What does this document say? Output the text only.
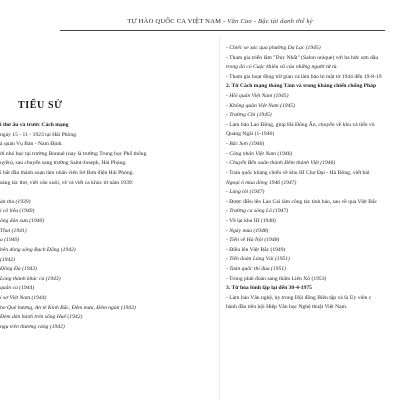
TỰ HÀO QUỐC CA VIỆT NAM - Văn Cao - Bậc tài danh thế kỷ
TIỂU SỬ

i thơ ấu và trước Cách mạng

ngày 15 - 11 - 1923 tại Hải Phòng.

à quán Vụ Bản - Nam Định.

ời nhỏ học tại trường Bonnal (nay là trường Trung học Phổ thông

uyền), sau chuyển sang trường Saint-Joseph, Hải Phòng.

i bắt đầu thành soạn làm nhân viên Sở Bưu điện Hải Phòng.

sáng tác thơ, viết văn xuôi, vẽ và viết ca khúc từ năm 1939:

àn thu (1939)

i cô liêu (1940)

ông đàn xưa (1940)

Thai (1941)

a (1940)

bên dòng sông Bạch Đằng (1942)

(1942)

Đồng Đa (1943)

Long thành khúc ca (1943)

quân ca (1944)

i sơ Việt Nam (1944)

ho Quê hương, An tê Kinh Bắc, Đêm mưa, Đêm ngàn (1943)

Đêm dàn hành trên sông Huế (1942)

ngụ trên thương cảng (1942)

- Chiếc xe xác qua phường Dạ Lạc (1945)

- Tham gia triển lãm "Duy Nhất" (Salon unique) với ba bức sơn dầu

trong đó có Cuộc khiêu vũ của những người tử tù.

- Tham gia hoạt động trừ gian và làm báo bí mật từ 1944 đến 19-8-19

2. Từ Cách mạng tháng Tám và trong kháng chiến chống Pháp

- Hồi quân Việt Nam (1945)

- Không quân Việt Nam (1945)

- Trường Chi (1945)

- Làm báo Lao Động, giúp Hà Đông Ấn, chuyển về khu và tiến vô

Quảng Ngãi (1-1946)

- Bắc Sơn (1946)

- Công nhân Việt Nam (1946)

- Chuyến Bến xuân thành Đêm thánh Việt (1946)

- Toàn quốc kháng chiến về khu III Chợ Đại - Hà Đông, viết bài

Ngoại ô mùa đông 1946 (1947)

- Làng tôi (1947)

- Được điều lên Lào Cai làm công tác tình báo, sau về qua Việt Bắc

- Trường ca sông Lô (1947)

- Về lại khu III (1948)

- Ngày mùa (1948)

- Tiến về Hà Nội (1948)

- Điều lên Việt Bắc (1949)

- Tiến đoàn Lùng Vái (1951)

- Toàn quốc thi đua (1951)

- Trong phái đoàn sang thăm Liên Xô (1953)

3. Từ hòa bình lập lại đến 30-4-1975

- Làm báo Văn nghệ, ủy trong Hội đồng Biên tập và là Ủy viên c

hành đầu tiên hội Hiệp Văn học Nghệ thuật Việt Nam.
